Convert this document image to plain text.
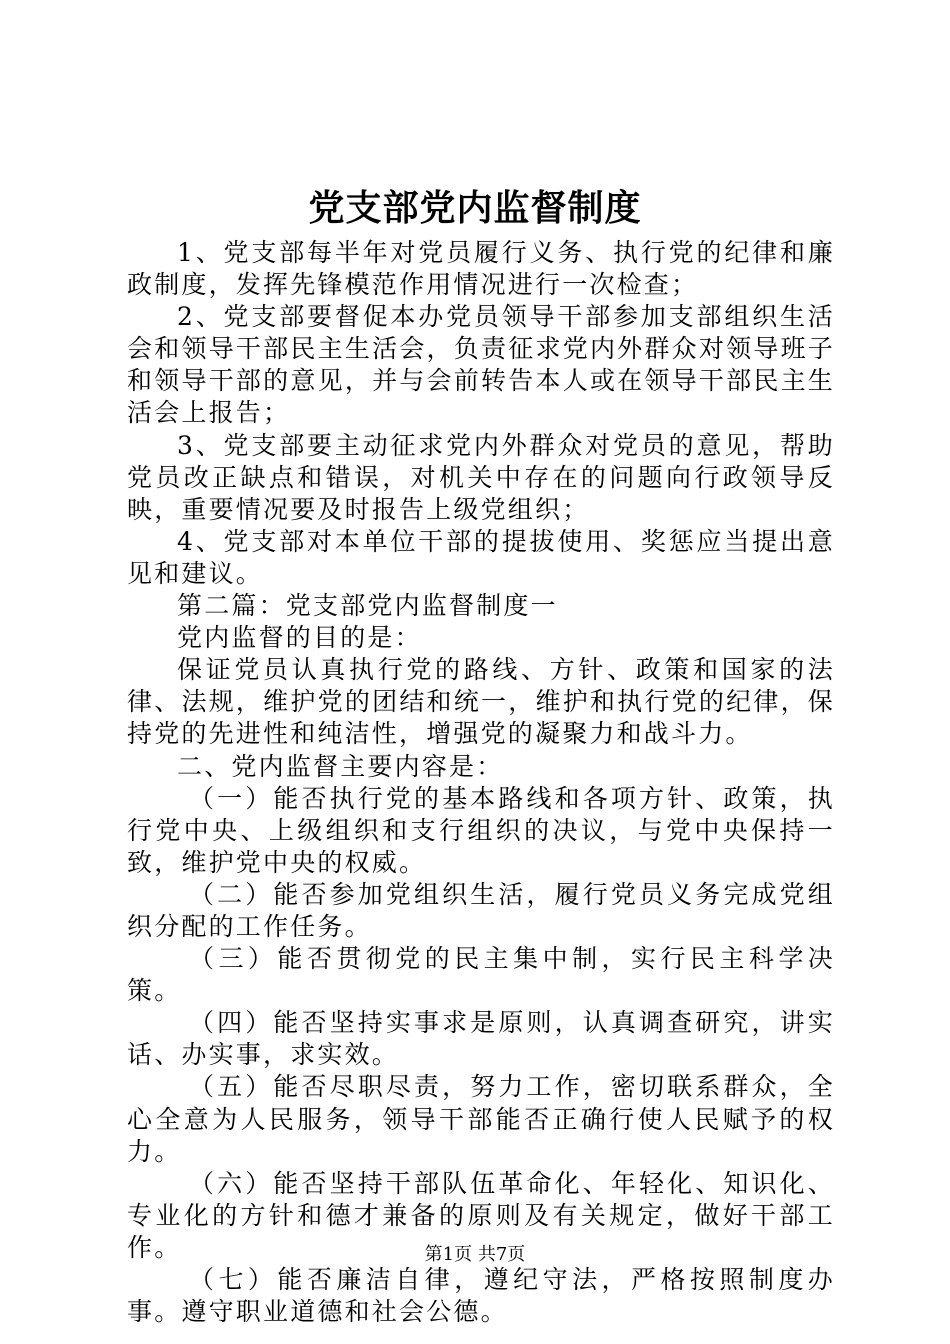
党支部党内监督制度

1、党支部每半年对党员履行义务、执行党的纪律和廉政制度，发挥先锋模范作用情况进行一次检查；

2、党支部要督促本办党员领导干部参加支部组织生活会和领导干部民主生活会，负责征求党内外群众对领导班子和领导干部的意见，并与会前转告本人或在领导干部民主生活会上报告；

3、党支部要主动征求党内外群众对党员的意见，帮助党员改正缺点和错误，对机关中存在的问题向行政领导反映，重要情况要及时报告上级党组织；

4、党支部对本单位干部的提拔使用、奖惩应当提出意见和建议。

第二篇：党支部党内监督制度一

党内监督的目的是：

保证党员认真执行党的路线、方针、政策和国家的法律、法规，维护党的团结和统一，维护和执行党的纪律，保持党的先进性和纯洁性，增强党的凝聚力和战斗力。

二、党内监督主要内容是：

（一）能否执行党的基本路线和各项方针、政策，执行党中央、上级组织和支行组织的决议，与党中央保持一致，维护党中央的权威。

（二）能否参加党组织生活，履行党员义务完成党组织分配的工作任务。

（三）能否贯彻党的民主集中制，实行民主科学决策。

（四）能否坚持实事求是原则，认真调查研究，讲实话、办实事，求实效。

（五）能否尽职尽责，努力工作，密切联系群众，全心全意为人民服务，领导干部能否正确行使人民赋予的权力。

（六）能否坚持干部队伍革命化、年轻化、知识化、专业化的方针和德才兼备的原则及有关规定，做好干部工作。

（七）能否廉洁自律，遵纪守法，严格按照制度办事。遵守职业道德和社会公德。

第1页 共7页
